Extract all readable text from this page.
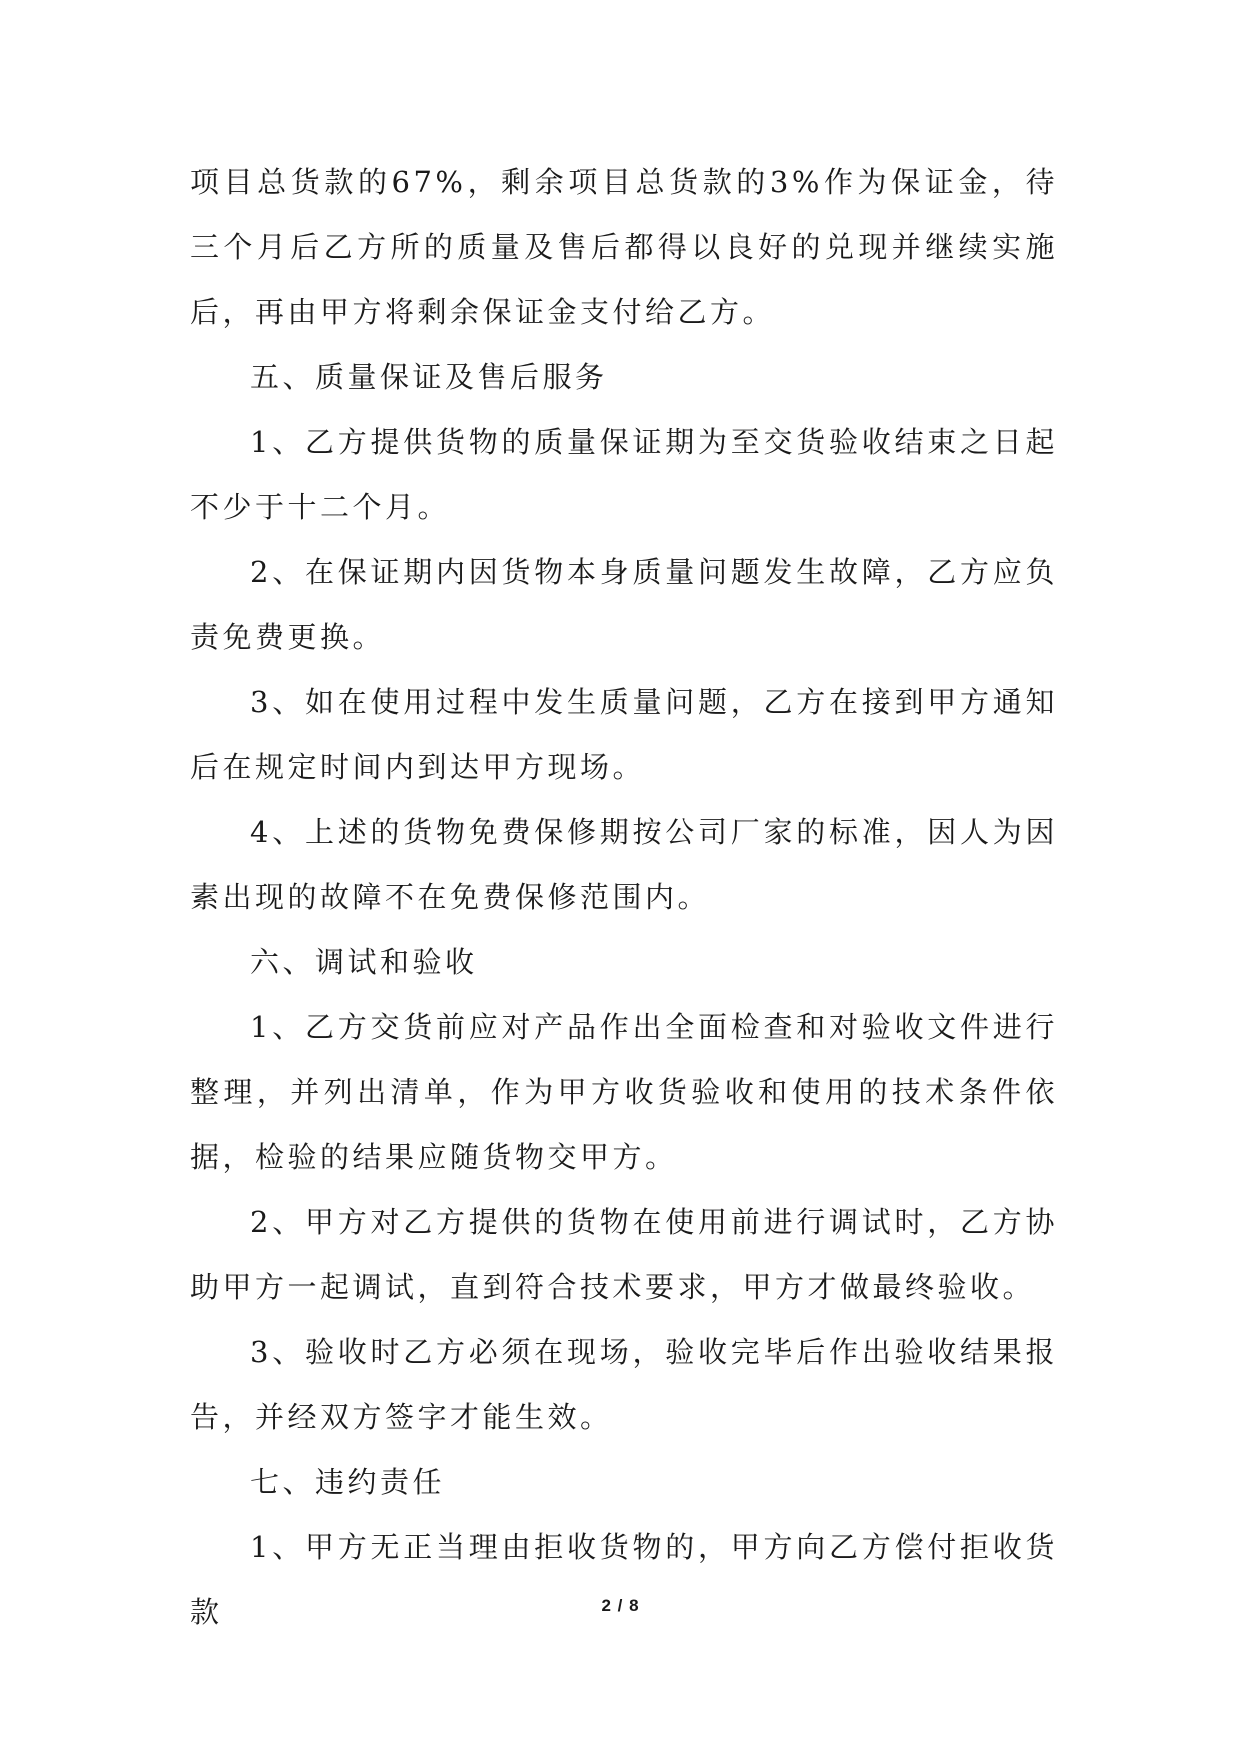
项目总货款的67%，剩余项目总货款的3%作为保证金，待三个月后乙方所的质量及售后都得以良好的兑现并继续实施后，再由甲方将剩余保证金支付给乙方。

五、质量保证及售后服务

1、乙方提供货物的质量保证期为至交货验收结束之日起不少于十二个月。

2、在保证期内因货物本身质量问题发生故障，乙方应负责免费更换。

3、如在使用过程中发生质量问题，乙方在接到甲方通知后在规定时间内到达甲方现场。

4、上述的货物免费保修期按公司厂家的标准，因人为因素出现的故障不在免费保修范围内。

六、调试和验收

1、乙方交货前应对产品作出全面检查和对验收文件进行整理，并列出清单，作为甲方收货验收和使用的技术条件依据，检验的结果应随货物交甲方。

2、甲方对乙方提供的货物在使用前进行调试时，乙方协助甲方一起调试，直到符合技术要求，甲方才做最终验收。

3、验收时乙方必须在现场，验收完毕后作出验收结果报告，并经双方签字才能生效。

七、违约责任

1、甲方无正当理由拒收货物的，甲方向乙方偿付拒收货款	2 / 8
